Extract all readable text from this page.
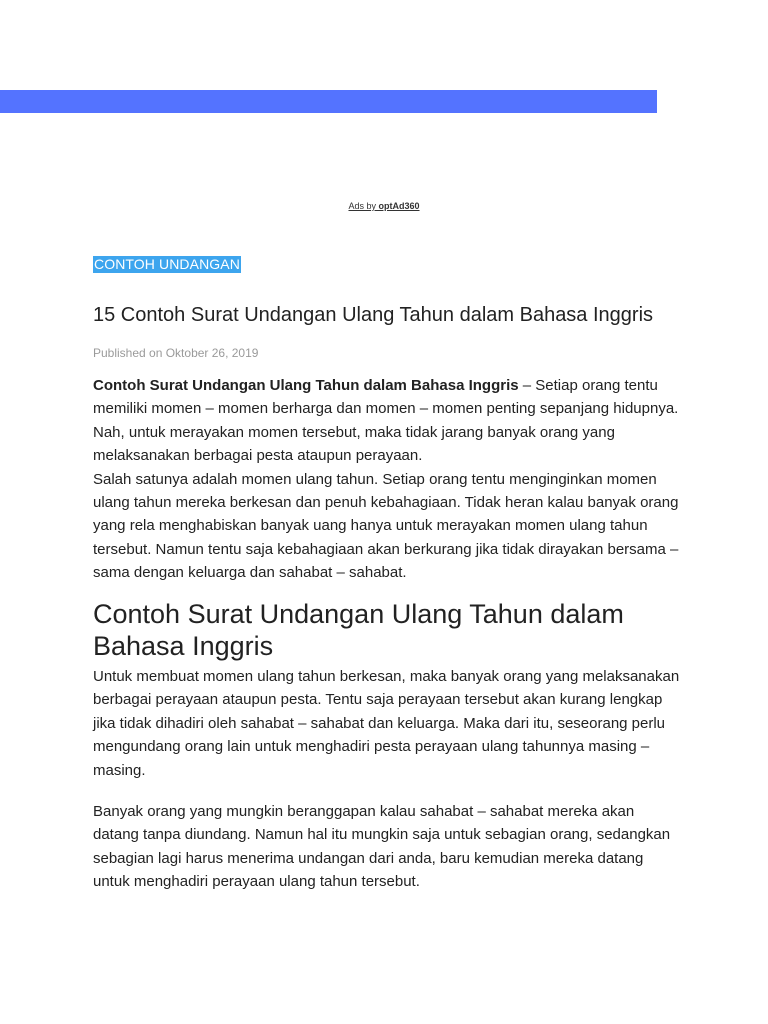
Ads by optAd360
CONTOH UNDANGAN
15 Contoh Surat Undangan Ulang Tahun dalam Bahasa Inggris
Published on Oktober 26, 2019

Contoh Surat Undangan Ulang Tahun dalam Bahasa Inggris – Setiap orang tentu memiliki momen – momen berharga dan momen – momen penting sepanjang hidupnya. Nah, untuk merayakan momen tersebut, maka tidak jarang banyak orang yang melaksanakan berbagai pesta ataupun perayaan.

Salah satunya adalah momen ulang tahun. Setiap orang tentu menginginkan momen ulang tahun mereka berkesan dan penuh kebahagiaan. Tidak heran kalau banyak orang yang rela menghabiskan banyak uang hanya untuk merayakan momen ulang tahun tersebut. Namun tentu saja kebahagiaan akan berkurang jika tidak dirayakan bersama – sama dengan keluarga dan sahabat – sahabat.

Contoh Surat Undangan Ulang Tahun dalam Bahasa Inggris

Untuk membuat momen ulang tahun berkesan, maka banyak orang yang melaksanakan berbagai perayaan ataupun pesta. Tentu saja perayaan tersebut akan kurang lengkap jika tidak dihadiri oleh sahabat – sahabat dan keluarga. Maka dari itu, seseorang perlu mengundang orang lain untuk menghadiri pesta perayaan ulang tahunnya masing – masing.

Banyak orang yang mungkin beranggapan kalau sahabat – sahabat mereka akan datang tanpa diundang. Namun hal itu mungkin saja untuk sebagian orang, sedangkan sebagian lagi harus menerima undangan dari anda, baru kemudian mereka datang untuk menghadiri perayaan ulang tahun tersebut.
